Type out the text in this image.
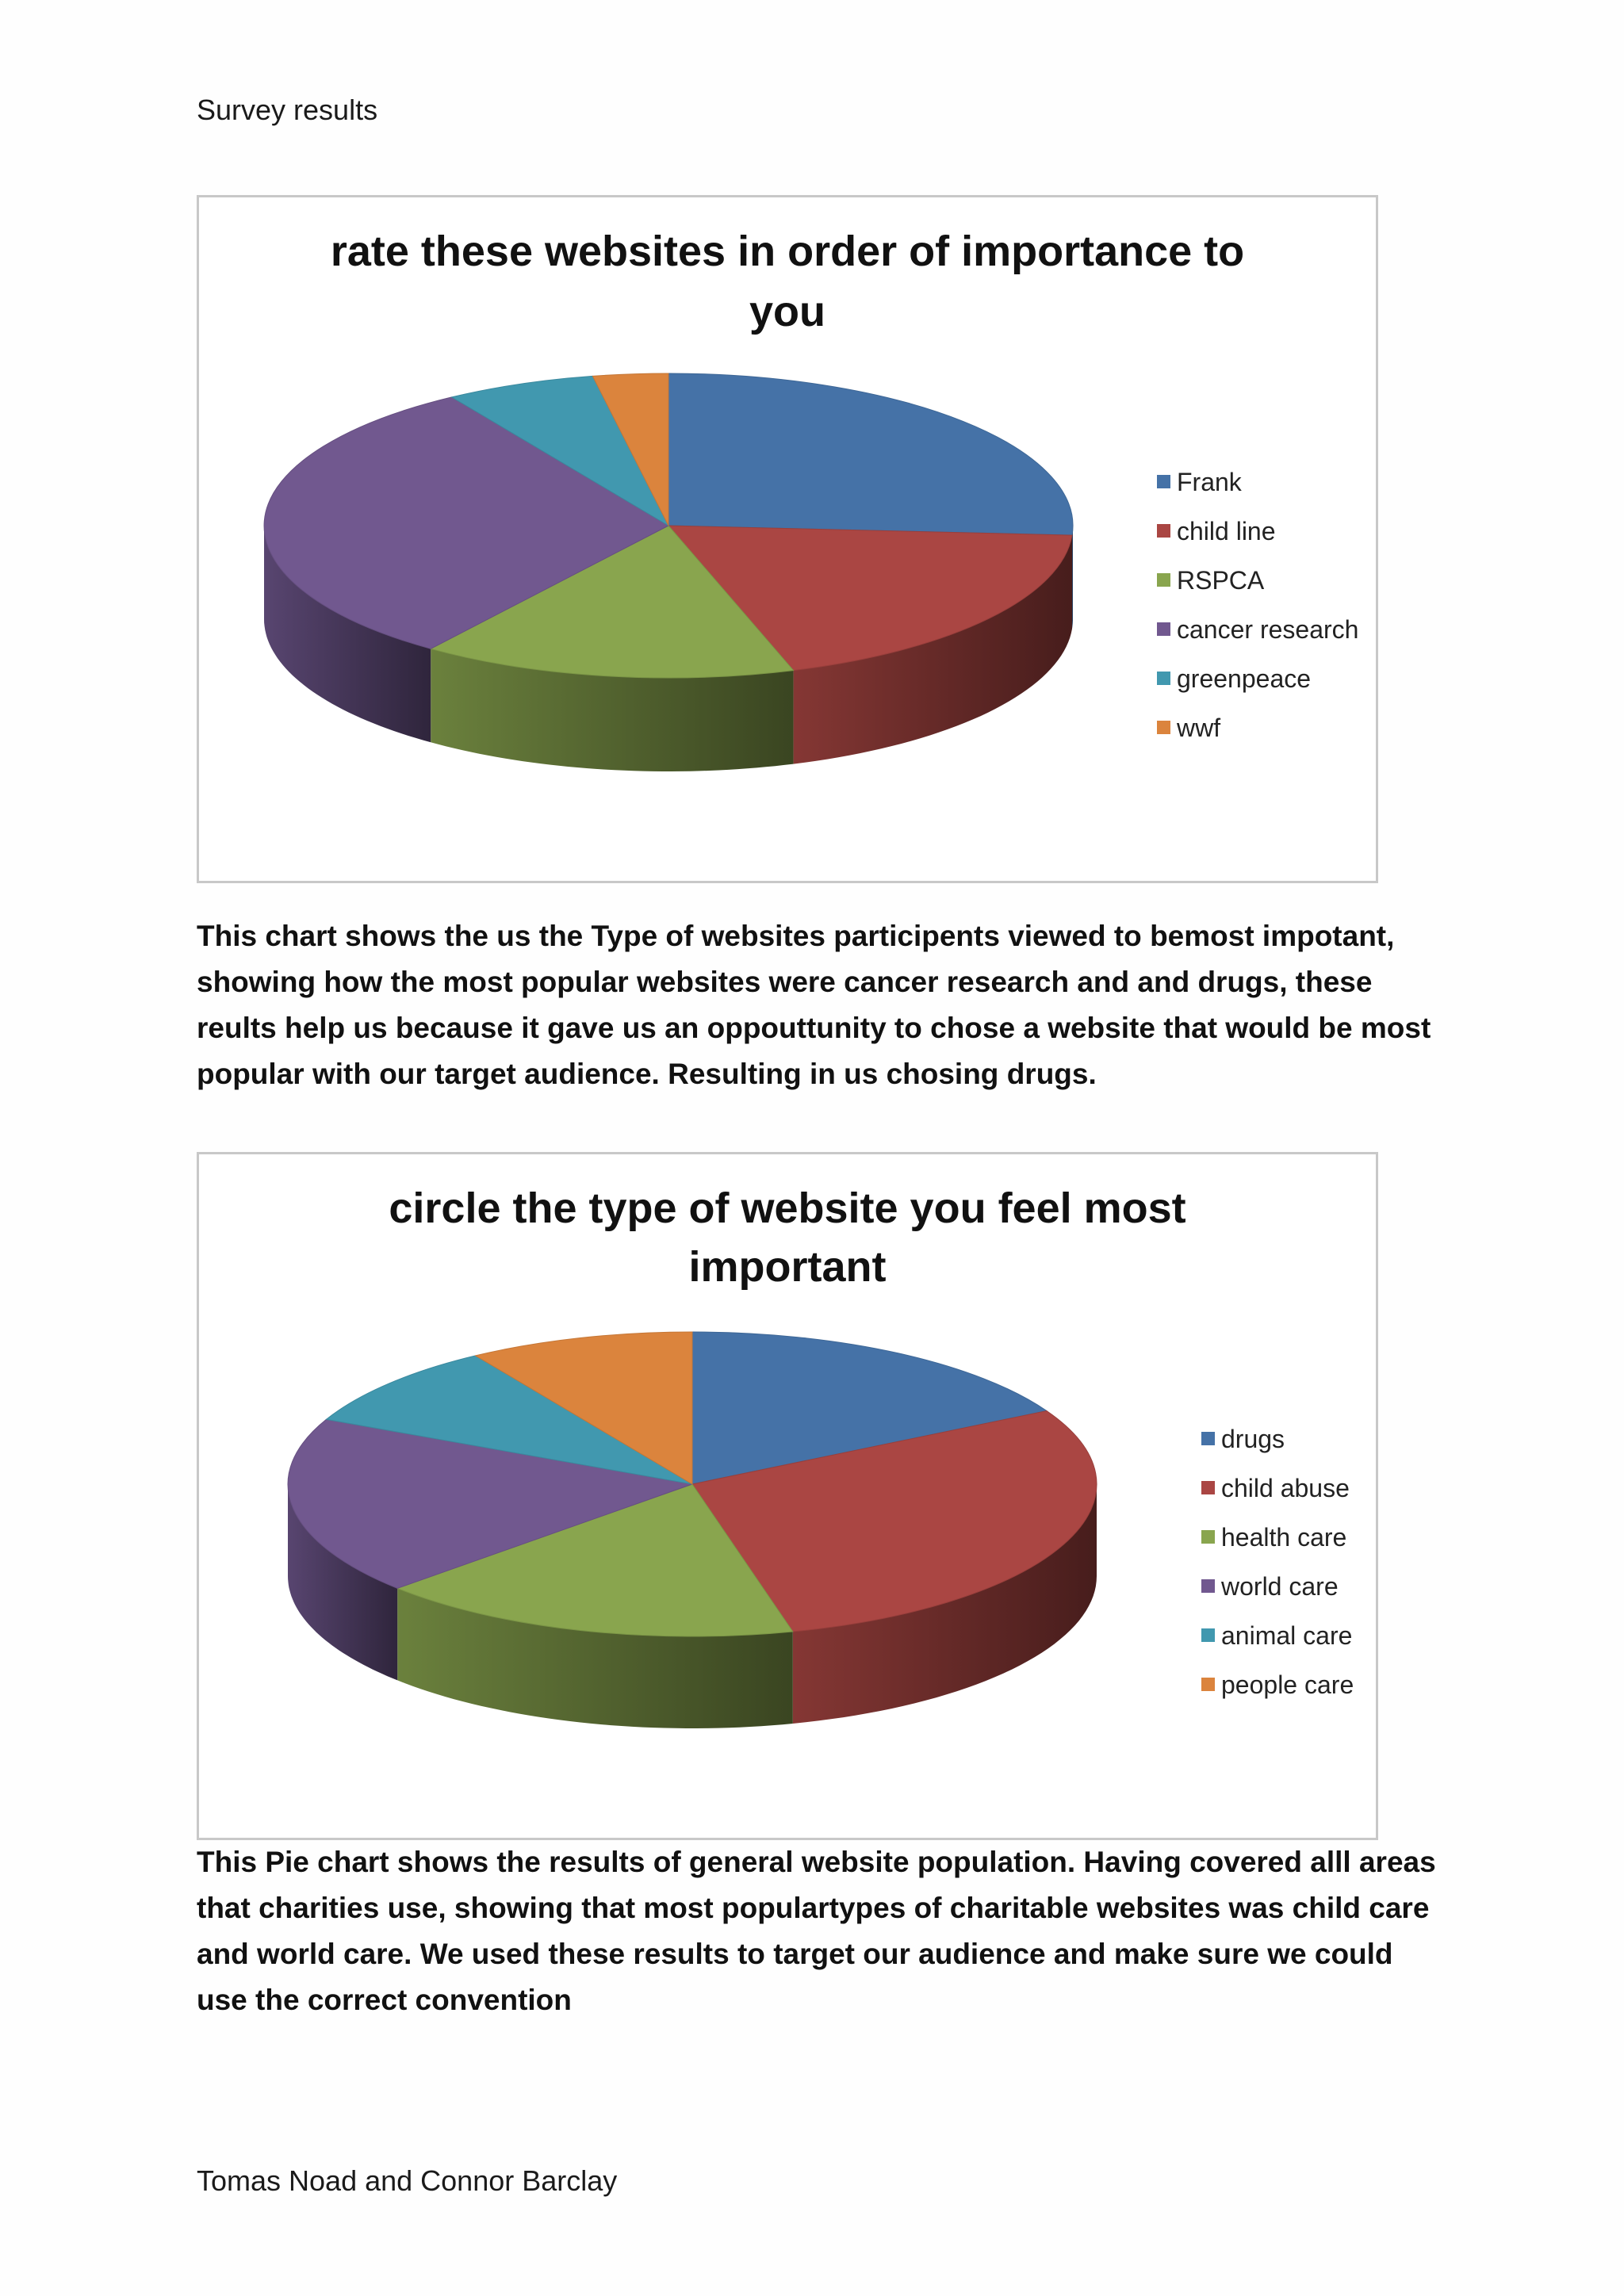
Survey results
rate these websites in order of importance to
you
Frank
child line
RSPCA
cancer research
greenpeace
wwf
This chart shows the us the Type of websites participents viewed to bemost impotant, showing how the most popular websites were cancer research and and drugs, these reults help us because it gave us an oppouttunity to chose a website that would be most popular with our target audience. Resulting in us chosing drugs.
circle the type of website you feel most
important
drugs
child abuse
health care
world care
animal care
people care
This Pie chart shows the results of general website population. Having covered alll areas that charities use, showing that most populartypes of charitable websites was child care and world care. We used these results to target our audience and make sure we could use the correct convention
Tomas Noad and Connor Barclay
